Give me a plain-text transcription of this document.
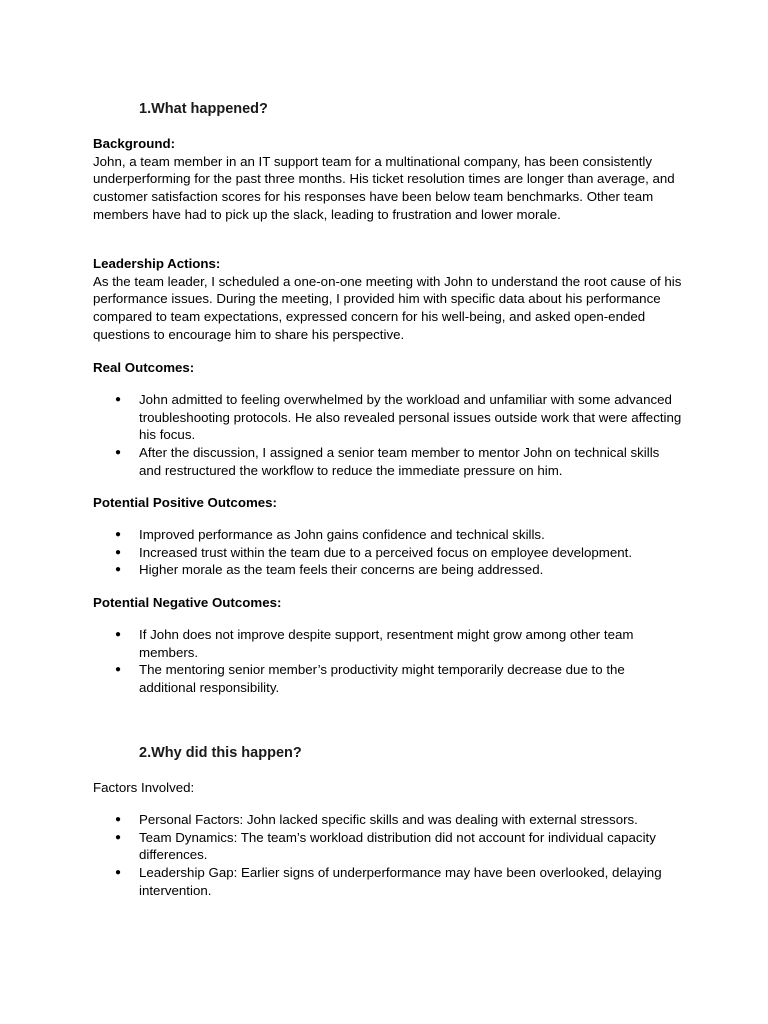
1.What happened?
Background:
John, a team member in an IT support team for a multinational company, has been consistently underperforming for the past three months. His ticket resolution times are longer than average, and customer satisfaction scores for his responses have been below team benchmarks. Other team members have had to pick up the slack, leading to frustration and lower morale.
Leadership Actions:
As the team leader, I scheduled a one-on-one meeting with John to understand the root cause of his performance issues. During the meeting, I provided him with specific data about his performance compared to team expectations, expressed concern for his well-being, and asked open-ended questions to encourage him to share his perspective.
Real Outcomes:
● John admitted to feeling overwhelmed by the workload and unfamiliar with some advanced troubleshooting protocols. He also revealed personal issues outside work that were affecting his focus.
● After the discussion, I assigned a senior team member to mentor John on technical skills and restructured the workflow to reduce the immediate pressure on him.
Potential Positive Outcomes:
● Improved performance as John gains confidence and technical skills.
● Increased trust within the team due to a perceived focus on employee development.
● Higher morale as the team feels their concerns are being addressed.
Potential Negative Outcomes:
● If John does not improve despite support, resentment might grow among other team members.
● The mentoring senior member’s productivity might temporarily decrease due to the additional responsibility.
2.Why did this happen?
Factors Involved:
● Personal Factors: John lacked specific skills and was dealing with external stressors.
● Team Dynamics: The team’s workload distribution did not account for individual capacity differences.
● Leadership Gap: Earlier signs of underperformance may have been overlooked, delaying intervention.
